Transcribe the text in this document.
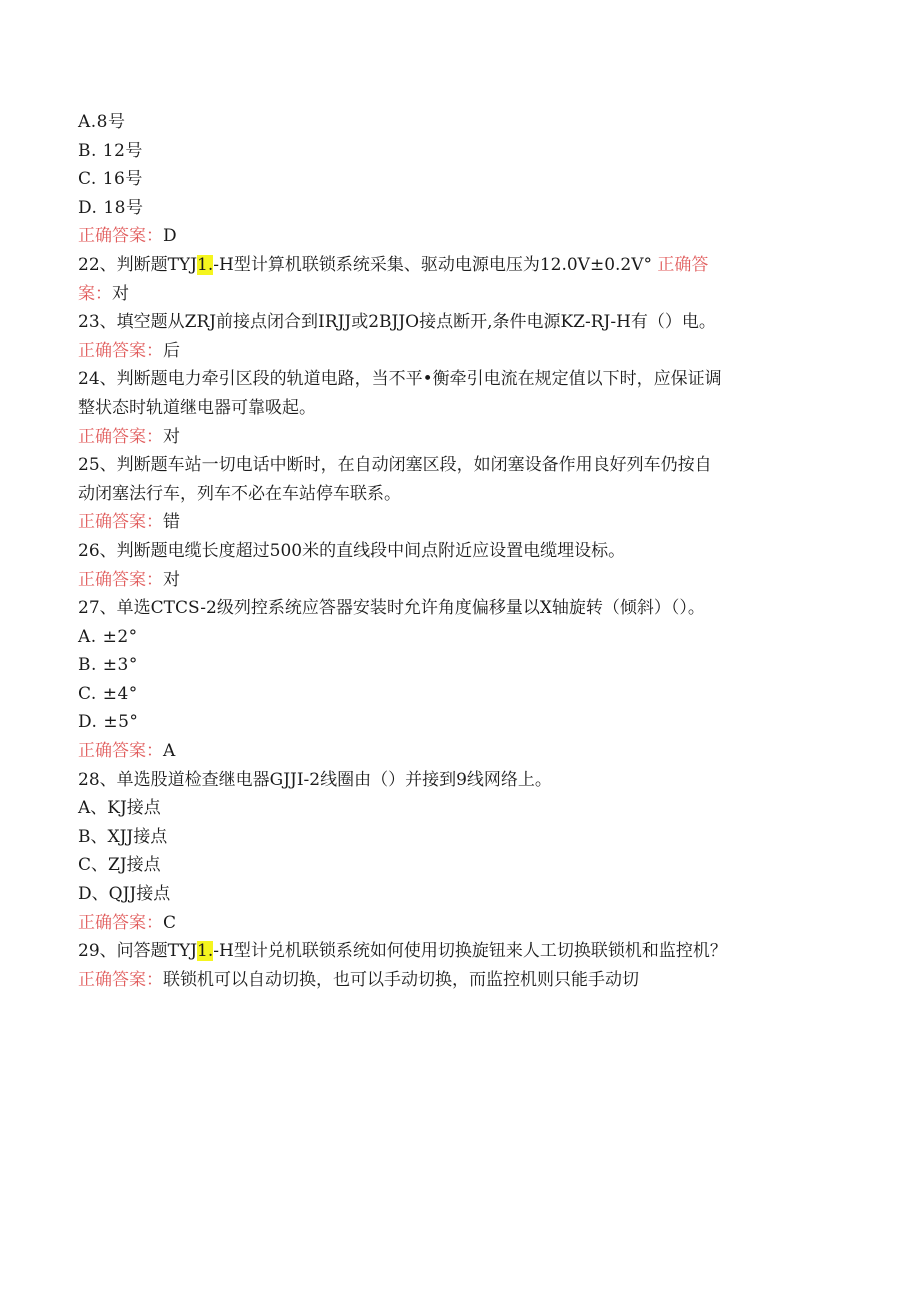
A.8号
B. 12号
C. 16号
D. 18号
正确答案：D
22、判断题TYJ1.-H型计算机联锁系统采集、驱动电源电压为12.0V±0.2V° 正确答
案：对
23、填空题从ZRJ前接点闭合到IRJJ或2BJJO接点断开,条件电源KZ-RJ-H有（）电。
正确答案：后
24、判断题电力牵引区段的轨道电路，当不平•衡牵引电流在规定值以下时，应保证调
整状态时轨道继电器可靠吸起。
正确答案：对
25、判断题车站一切电话中断时，在自动闭塞区段，如闭塞设备作用良好列车仍按自
动闭塞法行车，列车不必在车站停车联系。
正确答案：错
26、判断题电缆长度超过500米的直线段中间点附近应设置电缆埋设标。
正确答案：对
27、单选CTCS-2级列控系统应答器安装时允许角度偏移量以X轴旋转（倾斜）（）。
A. ±2°
B. ±3°
C. ±4°
D. ±5°
正确答案：A
28、单选股道检查继电器GJJI-2线圈由（）并接到9线网络上。
A、KJ接点
B、XJJ接点
C、ZJ接点
D、QJJ接点
正确答案：C
29、问答题TYJ1.-H型计兑机联锁系统如何使用切换旋钮来人工切换联锁机和监控机？
正确答案：联锁机可以自动切换，也可以手动切换，而监控机则只能手动切
